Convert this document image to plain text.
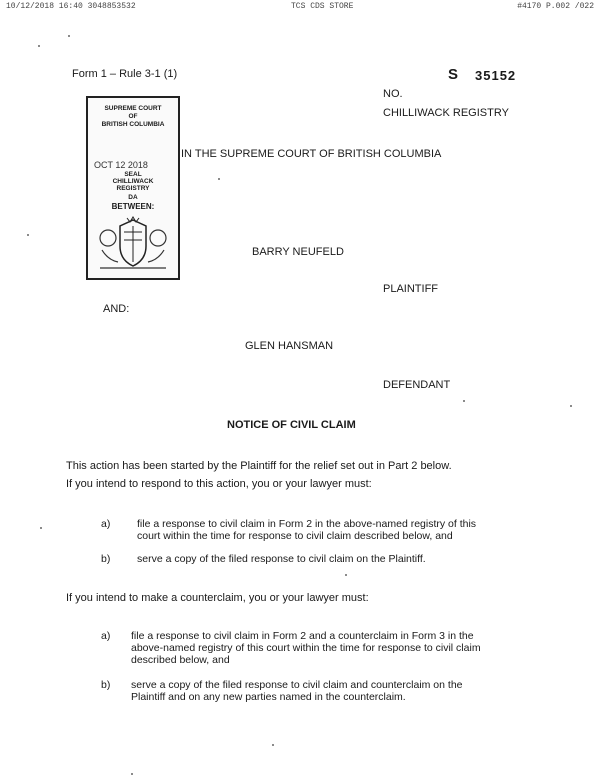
10/12/2018 16:40 3048853532	TCS CDS STORE	#4170 P.002 /022
Form 1 – Rule 3-1 (1)	S 35152
NO.
CHILLIWACK REGISTRY
SUPREME COURT
OF
BRITISH COLUMBIA
OCT 12 2018
SEAL
CHILLIWACK
REGISTRY
DA
BETWEEN:
IN THE SUPREME COURT OF BRITISH COLUMBIA
BARRY NEUFELD
PLAINTIFF
AND:
GLEN HANSMAN
DEFENDANT
NOTICE OF CIVIL CLAIM
This action has been started by the Plaintiff for the relief set out in Part 2 below.
If you intend to respond to this action, you or your lawyer must:
a)	file a response to civil claim in Form 2 in the above-named registry of this
court within the time for response to civil claim described below, and
b)	serve a copy of the filed response to civil claim on the Plaintiff.
If you intend to make a counterclaim, you or your lawyer must:
a) file a response to civil claim in Form 2 and a counterclaim in Form 3 in the
above-named registry of this court within the time for response to civil claim
described below, and
b) serve a copy of the filed response to civil claim and counterclaim on the
Plaintiff and on any new parties named in the counterclaim.
